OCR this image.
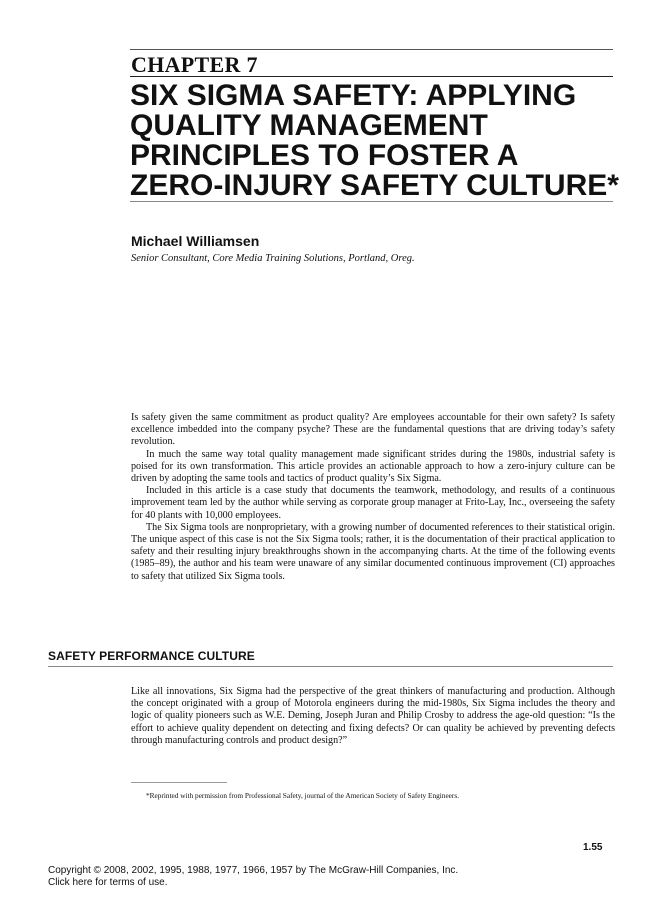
CHAPTER 7
SIX SIGMA SAFETY: APPLYING
QUALITY MANAGEMENT
PRINCIPLES TO FOSTER A
ZERO-INJURY SAFETY CULTURE*
Michael Williamsen
Senior Consultant, Core Media Training Solutions, Portland, Oreg.

Is safety given the same commitment as product quality? Are employees accountable for their own safety? Is safety excellence imbedded into the company psyche? These are the fundamental questions that are driving today’s safety revolution.

In much the same way total quality management made significant strides during the 1980s, industrial safety is poised for its own transformation. This article provides an actionable approach to how a zero-injury culture can be driven by adopting the same tools and tactics of product quality’s Six Sigma.

Included in this article is a case study that documents the teamwork, methodology, and results of a continuous improvement team led by the author while serving as corporate group manager at Frito-Lay, Inc., overseeing the safety for 40 plants with 10,000 employees.

The Six Sigma tools are nonproprietary, with a growing number of documented references to their statistical origin. The unique aspect of this case is not the Six Sigma tools; rather, it is the documentation of their practical application to safety and their resulting injury breakthroughs shown in the accompanying charts. At the time of the following events (1985–89), the author and his team were unaware of any similar documented continuous improvement (CI) approaches to safety that utilized Six Sigma tools.

SAFETY PERFORMANCE CULTURE

Like all innovations, Six Sigma had the perspective of the great thinkers of manufacturing and production. Although the concept originated with a group of Motorola engineers during the mid-1980s, Six Sigma includes the theory and logic of quality pioneers such as W.E. Deming, Joseph Juran and Philip Crosby to address the age-old question: “Is the effort to achieve quality dependent on detecting and fixing defects? Or can quality be achieved by preventing defects through manufacturing controls and product design?”

*Reprinted with permission from Professional Safety, journal of the American Society of Safety Engineers.
1.55
Copyright © 2008, 2002, 1995, 1988, 1977, 1966, 1957 by The McGraw-Hill Companies, Inc.
Click here for terms of use.
